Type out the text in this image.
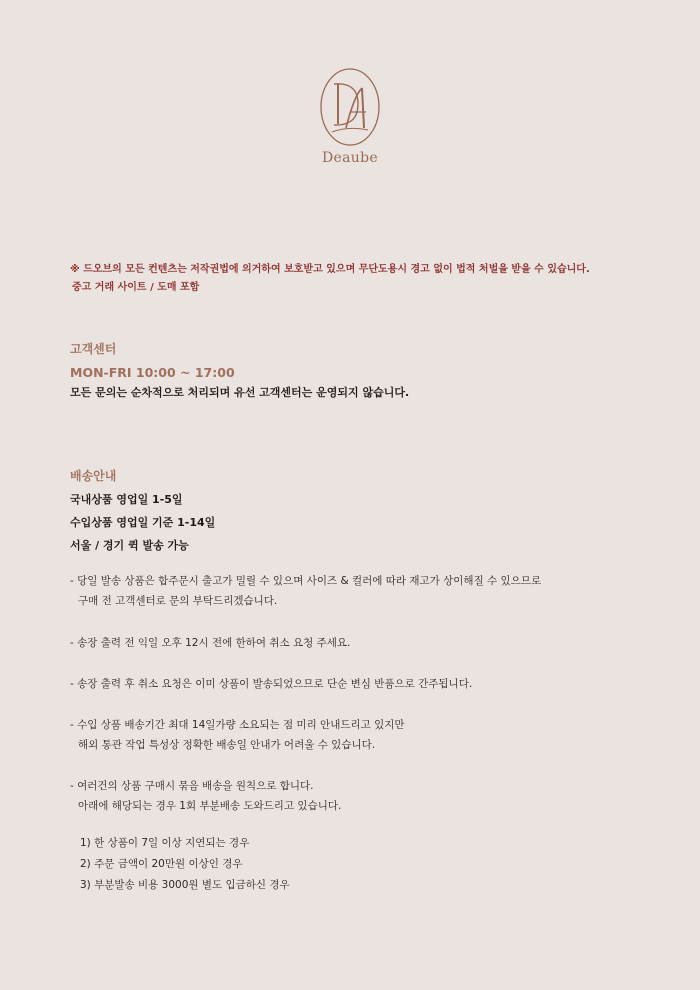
Deaube
※ 드오브의 모든 컨텐츠는 저작권법에 의거하여 보호받고 있으며 무단도용시 경고 없이 법적 처벌을 받을 수 있습니다.
중고 거래 사이트 / 도매 포함
고객센터
MON-FRI 10:00 ~ 17:00
모든 문의는 순차적으로 처리되며 유선 고객센터는 운영되지 않습니다.
배송안내
국내상품 영업일 1-5일
수입상품 영업일 기준 1-14일
서울 / 경기 퀵 발송 가능
- 당일 발송 상품은 합주문시 출고가 밀릴 수 있으며 사이즈 & 컬러에 따라 재고가 상이해질 수 있으므로
구매 전 고객센터로 문의 부탁드리겠습니다.
- 송장 출력 전 익일 오후 12시 전에 한하여 취소 요청 주세요.
- 송장 출력 후 취소 요청은 이미 상품이 발송되었으므로 단순 변심 반품으로 간주됩니다.
- 수입 상품 배송기간 최대 14일가량 소요되는 점 미리 안내드리고 있지만
해외 통관 작업 특성상 정확한 배송일 안내가 어려울 수 있습니다.
- 여러건의 상품 구매시 묶음 배송을 원칙으로 합니다.
아래에 해당되는 경우 1회 부분배송 도와드리고 있습니다.
1) 한 상품이 7일 이상 지연되는 경우
2) 주문 금액이 20만원 이상인 경우
3) 부분발송 비용 3000원 별도 입금하신 경우
